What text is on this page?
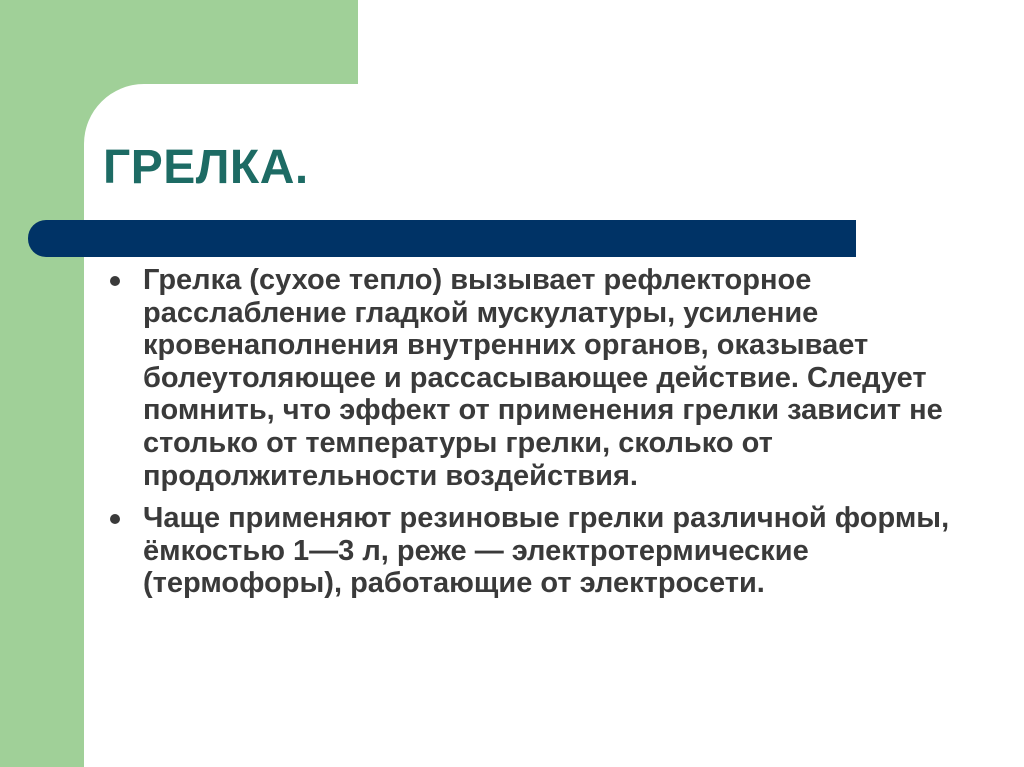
ГРЕЛКА.
Грелка (сухое тепло) вызывает рефлекторное расслабление гладкой мускулатуры, усиление кровенаполнения внутренних органов, оказывает болеутоляющее и рассасывающее действие. Следует помнить, что эффект от применения грелки зависит не столько от температуры грелки, сколько от продолжительности воздействия.
Чаще применяют резиновые грелки различной формы, ёмкостью 1—3 л, реже — электротермические (термофоры), работающие от электросети.
